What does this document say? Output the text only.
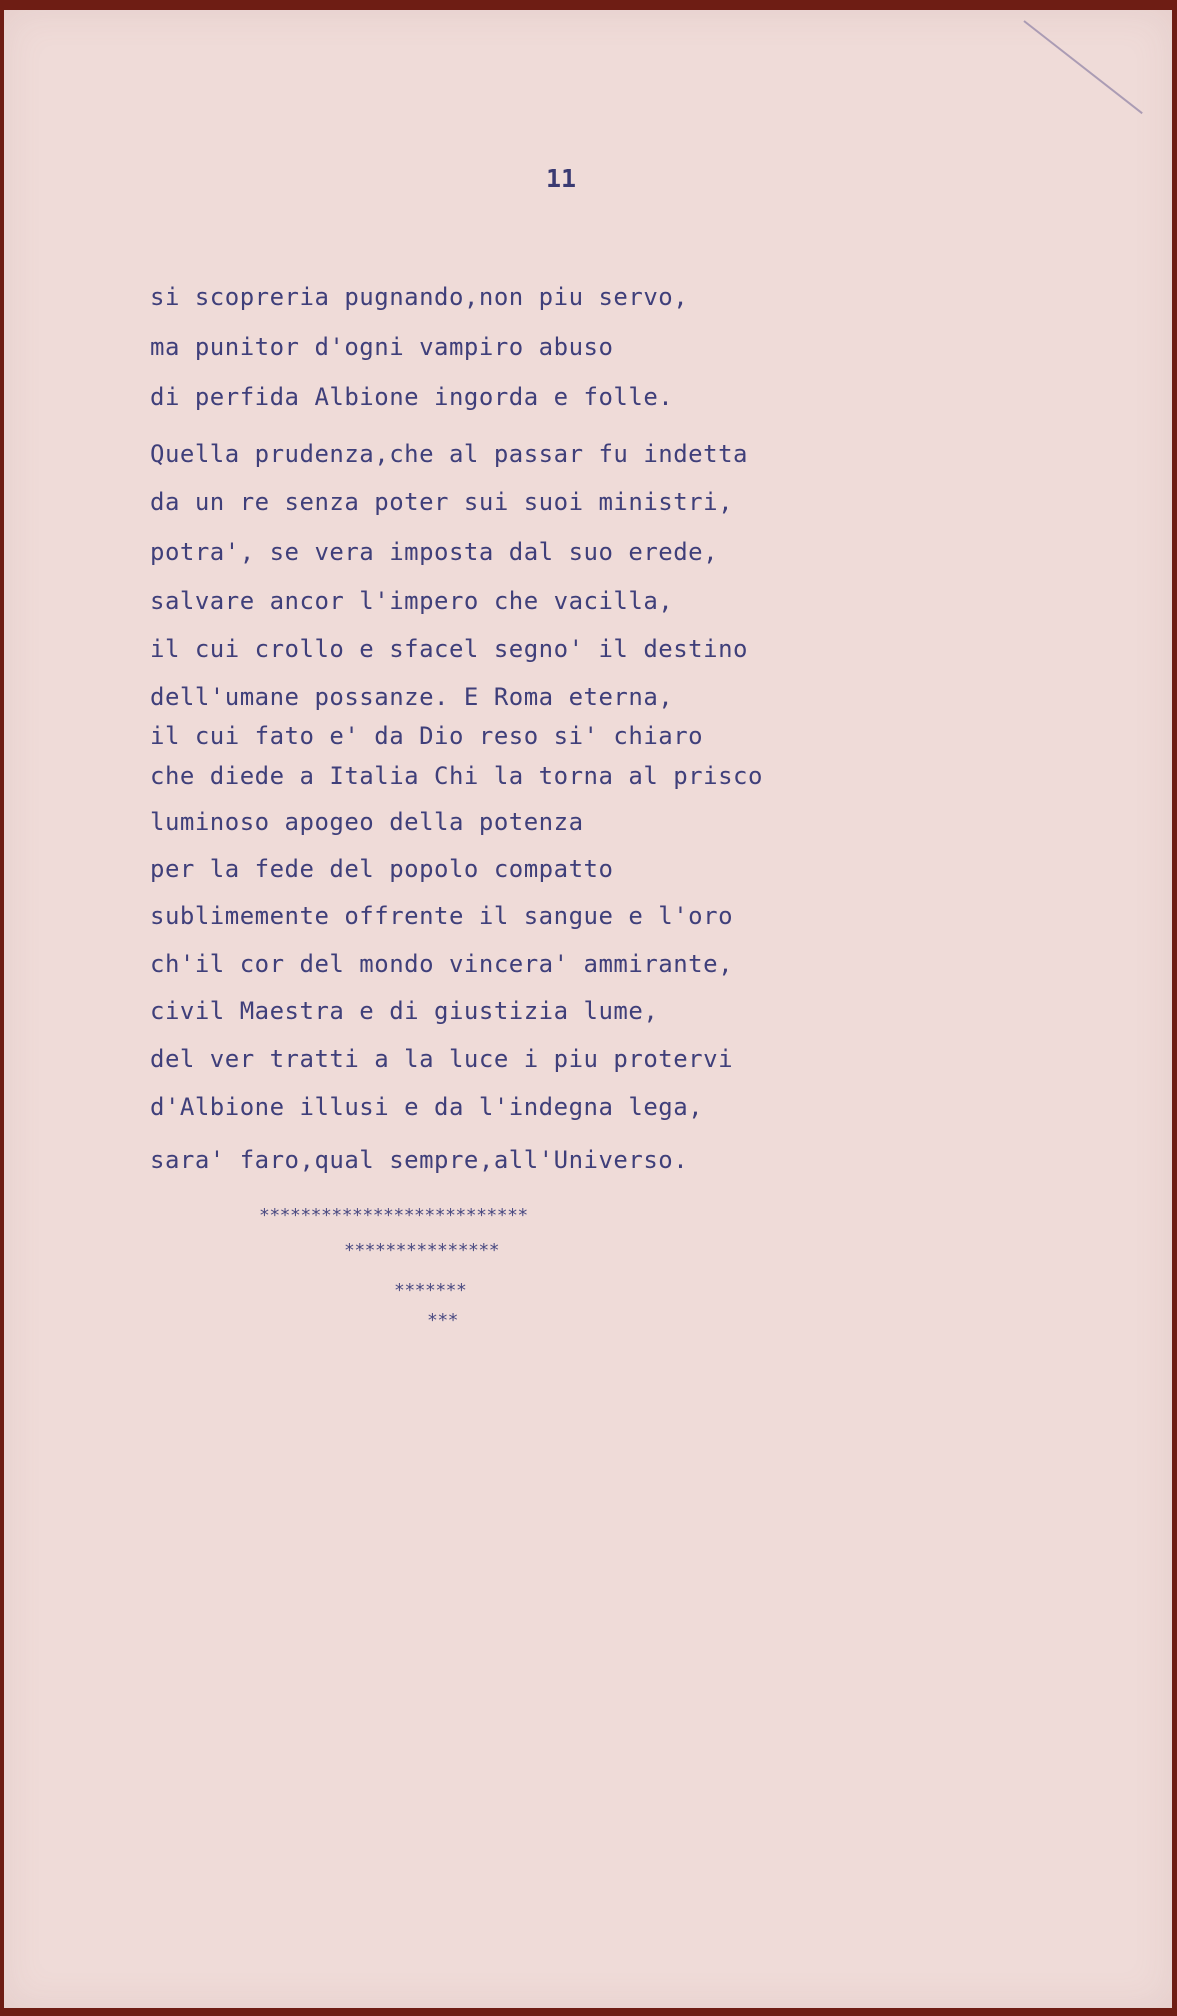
11
si scopreria pugnando,non piu servo,
ma punitor d'ogni vampiro abuso
di perfida Albione ingorda e folle.
Quella prudenza,che al passar fu indetta
da un re senza poter sui suoi ministri,
potra', se vera imposta dal suo erede,
salvare ancor l'impero che vacilla,
il cui crollo e sfacel segno' il destino
dell'umane possanze. E Roma eterna,
il cui fato e' da Dio reso si' chiaro
che diede a Italia Chi la torna al prisco
luminoso apogeo della potenza
per la fede del popolo compatto
sublimemente offrente il sangue e l'oro
ch'il cor del mondo vincera' ammirante,
civil Maestra e di giustizia lume,
del ver tratti a la luce i piu protervi
d'Albione illusi e da l'indegna lega,
sara' faro,qual sempre,all'Universo.
**************************
***************
*******
***
